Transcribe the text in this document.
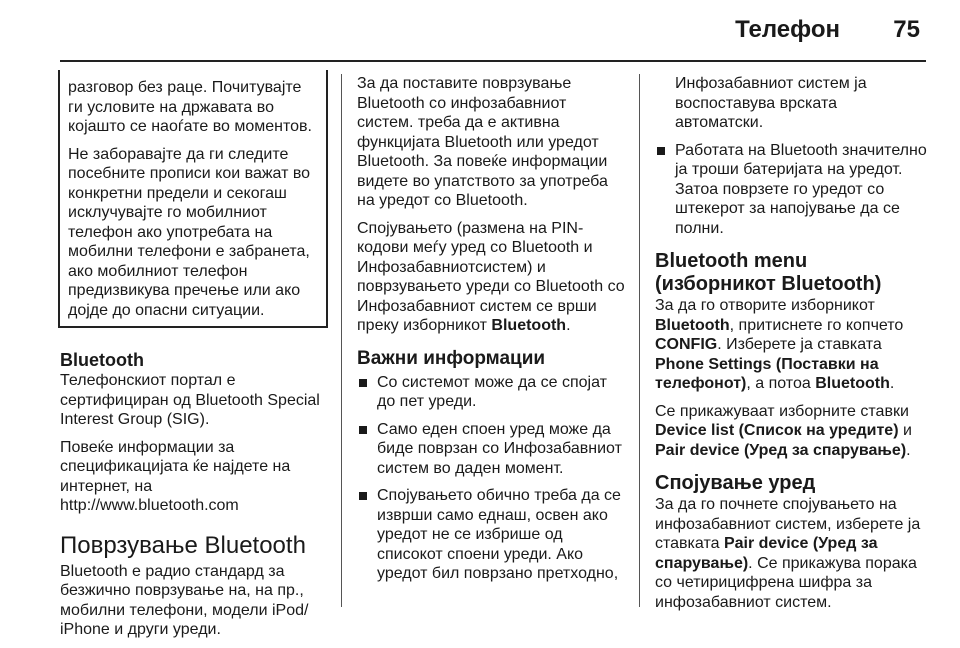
Телефон 75

разговор без раце. Почитувајте ги условите на државата во којашто се наоѓате во моментов.

Не заборавајте да ги следите посебните прописи кои важат во конкретни предели и секогаш исклучувајте го мобилниот телефон ако употребата на мобилни телефони е забранета, ако мобилниот телефон предизвикува пречење или ако дојде до опасни ситуации.

Bluetooth

Телефонскиот портал е сертифициран од Bluetooth Special Interest Group (SIG).

Повеќе информации за спецификацијата ќе најдете на интернет, на

http://www.bluetooth.com

Поврзување Bluetooth

Bluetooth е радио стандард за безжично поврзување на, на пр., мобилни телефони, модели iPod/ iPhone и други уреди.

За да поставите поврзување Bluetooth со инфозабавниот систем. треба да е активна функцијата Bluetooth или уредот Bluetooth. За повеќе информации видете во упатството за употреба на уредот со Bluetooth.

Спојувањето (размена на PIN-кодови меѓу уред со Bluetooth и Инфозабавниотсистем) и поврзувањето уреди со Bluetooth со Инфозабавниот систем се врши преку изборникот Bluetooth.

Важни информации
Со системот може да се спојат до пет уреди.
Само еден споен уред може да биде поврзан со Инфозабавниот систем во даден момент.
Спојувањето обично треба да се изврши само еднаш, освен ако уредот не се избрише од списокот споени уреди. Ако уредот бил поврзано претходно,

Инфозабавниот систем ја воспоставува врската автоматски.

Работата на Bluetooth значително ја троши батеријата на уредот. Затоа поврзете го уредот со штекерот за напојување да се полни.
Bluetooth menu (изборникот Bluetooth)

За да го отворите изборникот Bluetooth, притиснете го копчето CONFIG. Изберете ја ставката Phone Settings (Поставки на телефонот), а потоа Bluetooth.

Се прикажуваат изборните ставки Device list (Список на уредите) и Pair device (Уред за спарување).

Спојување уред

За да го почнете спојувањето на инфозабавниот систем, изберете ја ставката Pair device (Уред за спарување). Се прикажува порака со четирицифрена шифра за инфозабавниот систем.
